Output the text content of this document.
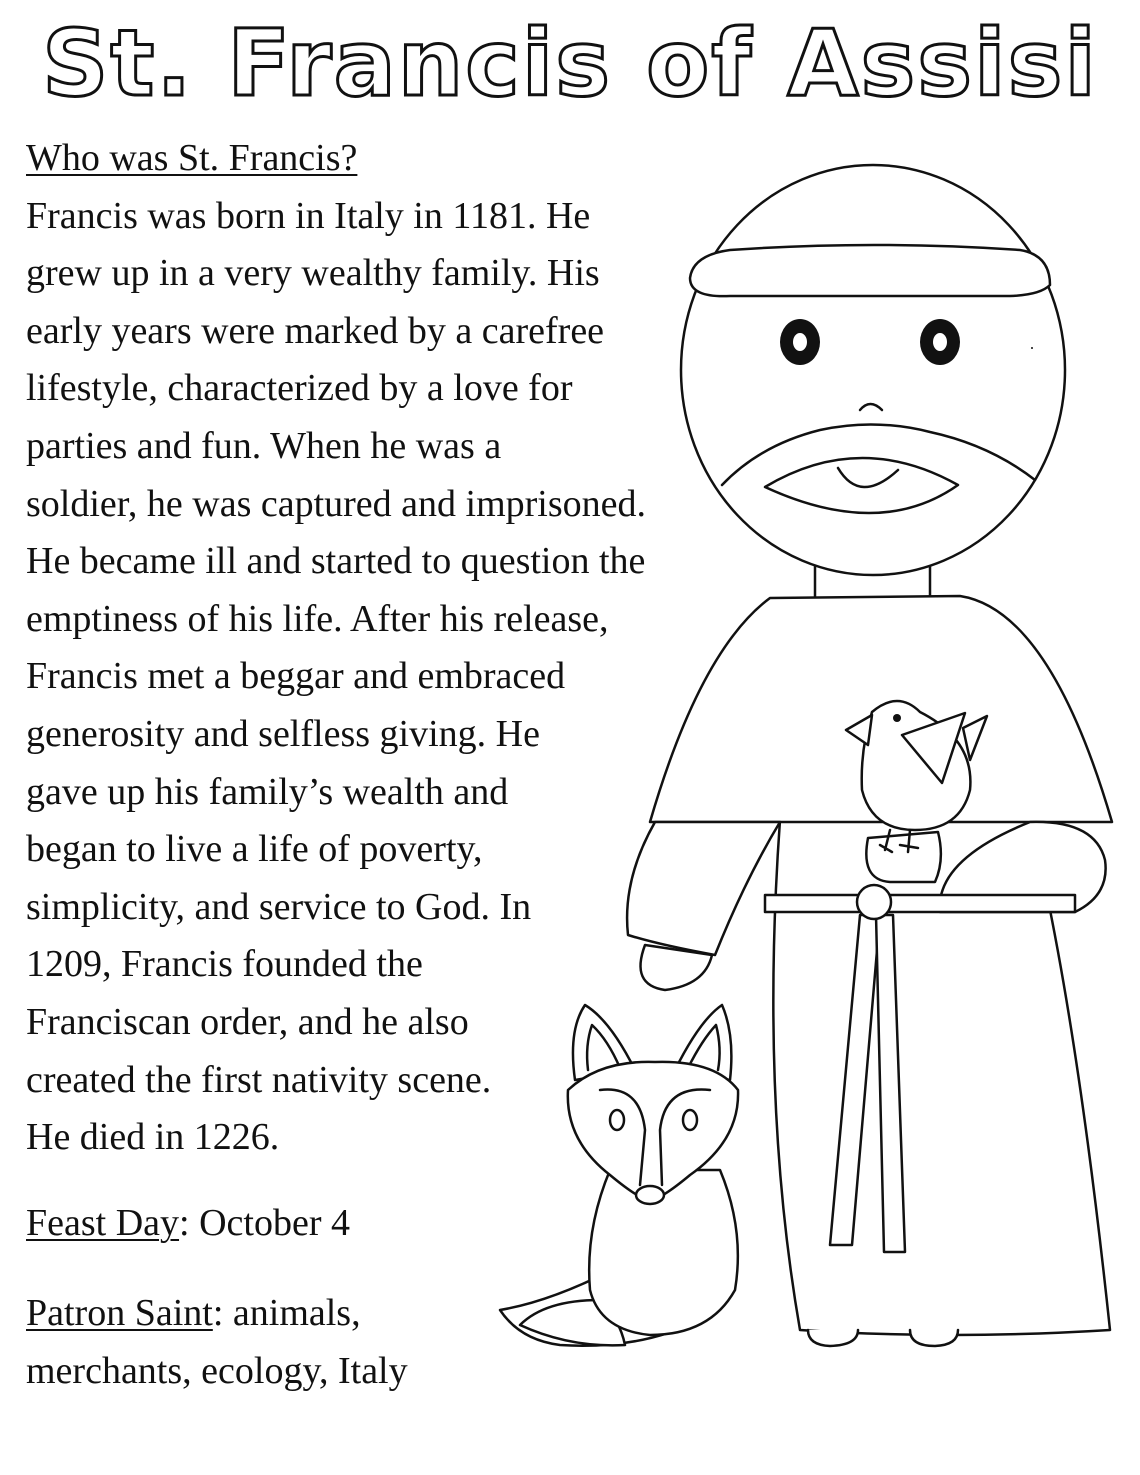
St. Francis of Assisi
Who was St. Francis?
Francis was born in Italy in 1181. He
grew up in a very wealthy family. His
early years were marked by a carefree
lifestyle, characterized by a love for
parties and fun. When he was a
soldier, he was captured and imprisoned.
He became ill and started to question the
emptiness of his life. After his release,
Francis met a beggar and embraced
generosity and selfless giving. He
gave up his family’s wealth and
began to live a life of poverty,
simplicity, and service to God. In
1209, Francis founded the
Franciscan order, and he also
created the first nativity scene.
He died in 1226.
Feast Day: October 4
Patron Saint: animals,
merchants, ecology, Italy
